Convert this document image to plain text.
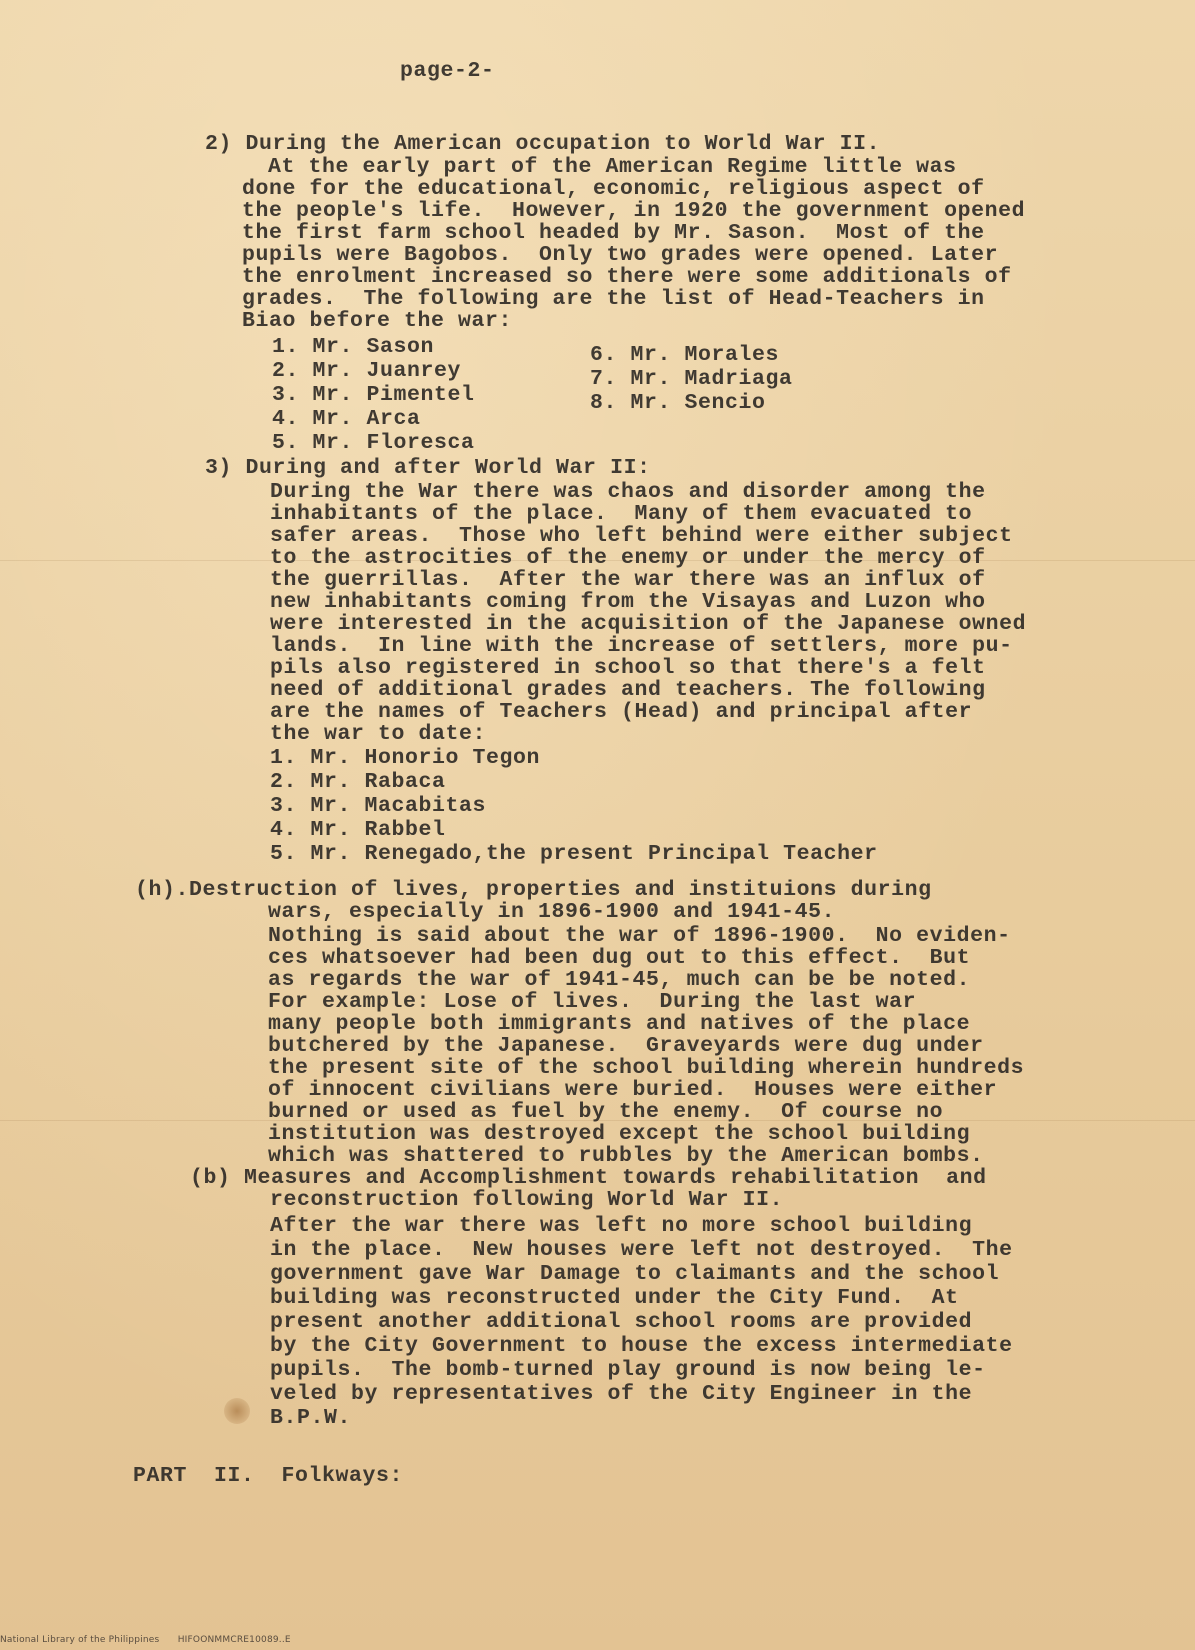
page-2-
2) During the American occupation to World War II.
At the early part of the American Regime little was
done for the educational, economic, religious aspect of
the people's life.  However, in 1920 the government opened
the first farm school headed by Mr. Sason.  Most of the
pupils were Bagobos.  Only two grades were opened. Later
the enrolment increased so there were some additionals of
grades.  The following are the list of Head-Teachers in
Biao before the war:
1. Mr. Sason
2. Mr. Juanrey
3. Mr. Pimentel
4. Mr. Arca
5. Mr. Floresca
6. Mr. Morales
7. Mr. Madriaga
8. Mr. Sencio
3) During and after World War II:
During the War there was chaos and disorder among the
inhabitants of the place.  Many of them evacuated to
safer areas.  Those who left behind were either subject
to the astrocities of the enemy or under the mercy of
the guerrillas.  After the war there was an influx of
new inhabitants coming from the Visayas and Luzon who
were interested in the acquisition of the Japanese owned
lands.  In line with the increase of settlers, more pu-
pils also registered in school so that there's a felt
need of additional grades and teachers. The following
are the names of Teachers (Head) and principal after
the war to date:
1. Mr. Honorio Tegon
2. Mr. Rabaca
3. Mr. Macabitas
4. Mr. Rabbel
5. Mr. Renegado,the present Principal Teacher
(h).Destruction of lives, properties and instituions during
wars, especially in 1896-1900 and 1941-45.
Nothing is said about the war of 1896-1900.  No eviden-
ces whatsoever had been dug out to this effect.  But
as regards the war of 1941-45, much can be be noted.
For example: Lose of lives.  During the last war
many people both immigrants and natives of the place
butchered by the Japanese.  Graveyards were dug under
the present site of the school building wherein hundreds
of innocent civilians were buried.  Houses were either
burned or used as fuel by the enemy.  Of course no
institution was destroyed except the school building
which was shattered to rubbles by the American bombs.
(b) Measures and Accomplishment towards rehabilitation  and
reconstruction following World War II.
After the war there was left no more school building
in the place.  New houses were left not destroyed.  The
government gave War Damage to claimants and the school
building was reconstructed under the City Fund.  At
present another additional school rooms are provided
by the City Government to house the excess intermediate
pupils.  The bomb-turned play ground is now being le-
veled by representatives of the City Engineer in the
B.P.W.
PART  II.  Folkways:
National Library of the Philippines      HIFOONMMCRE10089..E
